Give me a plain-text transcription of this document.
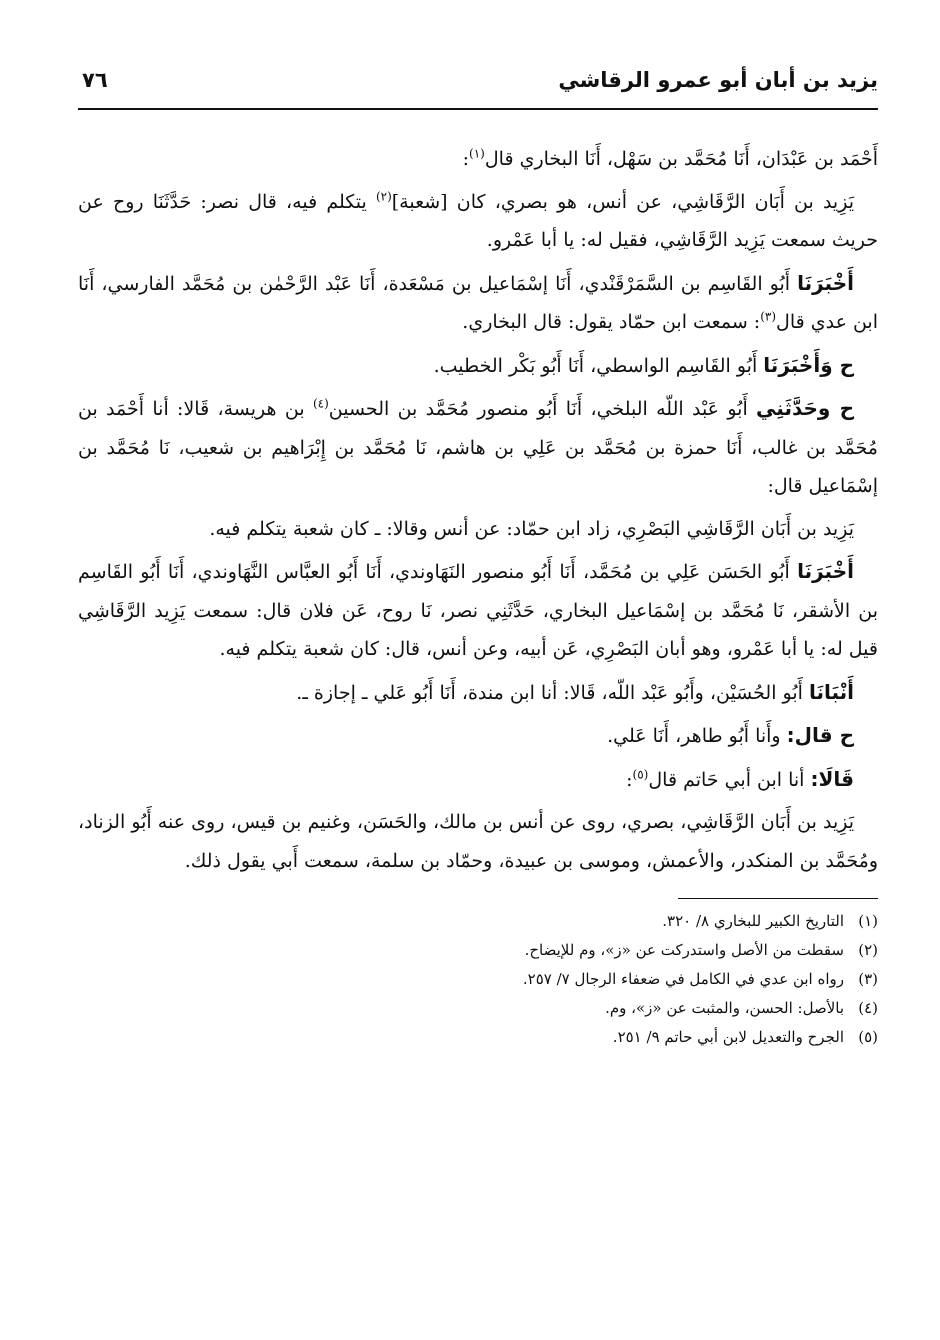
يزيد بن أبان أبو عمرو الرقاشي
٧٦

أَحْمَد بن عَبْدَان، أَنَا مُحَمَّد بن سَهْل، أَنَا البخاري قال$^{(١)}$:

يَزِيد بن أَبَان الرَّقَاشِي، عن أنس، هو بصري، كان [شعبة]$^{(٢)}$ يتكلم فيه، قال نصر: حَدَّثَنَا روح عن حريث سمعت يَزِيد الرَّقَاشِي، فقيل له: يا أبا عَمْرو.

أَخْبَرَنَا أَبُو القَاسِم بن السَّمَرْقَنْدي، أَنَا إسْمَاعيل بن مَسْعَدة، أَنَا عَبْد الرَّحْمٰن بن مُحَمَّد الفارسي، أَنَا ابن عدي قال$^{(٣)}$: سمعت ابن حمّاد يقول: قال البخاري.

ح وَأَخْبَرَنَا أَبُو القَاسِم الواسطي، أَنَا أَبُو بَكْر الخطيب.

ح وحَدَّثَنِي أَبُو عَبْد اللّه البلخي، أَنَا أَبُو منصور مُحَمَّد بن الحسين$^{(٤)}$ بن هريسة، قَالا: أنا أَحْمَد بن مُحَمَّد بن غالب، أَنَا حمزة بن مُحَمَّد بن عَلِي بن هاشم، نَا مُحَمَّد بن إِبْرَاهيم بن شعيب، نَا مُحَمَّد بن إسْمَاعيل قال:

يَزِيد بن أَبَان الرَّقَاشِي البَصْرِي، زاد ابن حمّاد: عن أنس وقالا: ـ كان شعبة يتكلم فيه.

أَخْبَرَنَا أَبُو الحَسَن عَلِي بن مُحَمَّد، أَنَا أَبُو منصور النَهَاوندي، أَنَا أَبُو العبَّاس النَّهَاوندي، أَنَا أَبُو القَاسِم بن الأشقر، نَا مُحَمَّد بن إسْمَاعيل البخاري، حَدَّثَنِي نصر، نَا روح، عَن فلان قال: سمعت يَزِيد الرَّقَاشِي قيل له: يا أبا عَمْرو، وهو أبان البَصْرِي، عَن أبيه، وعن أنس، قال: كان شعبة يتكلم فيه.

أَنْبَانَا أَبُو الحُسَيْن، وأَبُو عَبْد اللّه، قَالا: أنا ابن مندة، أَنَا أَبُو عَلي ـ إجازة ـ.

ح قال: وأَنا أَبُو طاهر، أَنَا عَلي.

قَالَا: أنا ابن أبي حَاتم قال$^{(٥)}$:

يَزِيد بن أَبَان الرَّقَاشِي، بصري، روى عن أنس بن مالك، والحَسَن، وغنيم بن قيس، روى عنه أَبُو الزناد، ومُحَمَّد بن المنكدر، والأعمش، وموسى بن عبيدة، وحمّاد بن سلمة، سمعت أَبي يقول ذلك.

(١)التاريخ الكبير للبخاري ٨/ ٣٢٠.
(٢)سقطت من الأصل واستدركت عن «ز»، وم للإيضاح.
(٣)رواه ابن عدي في الكامل في ضعفاء الرجال ٧/ ٢٥٧.
(٤)بالأصل: الحسن، والمثبت عن «ز»، وم.
(٥)الجرح والتعديل لابن أبي حاتم ٩/ ٢٥١.
